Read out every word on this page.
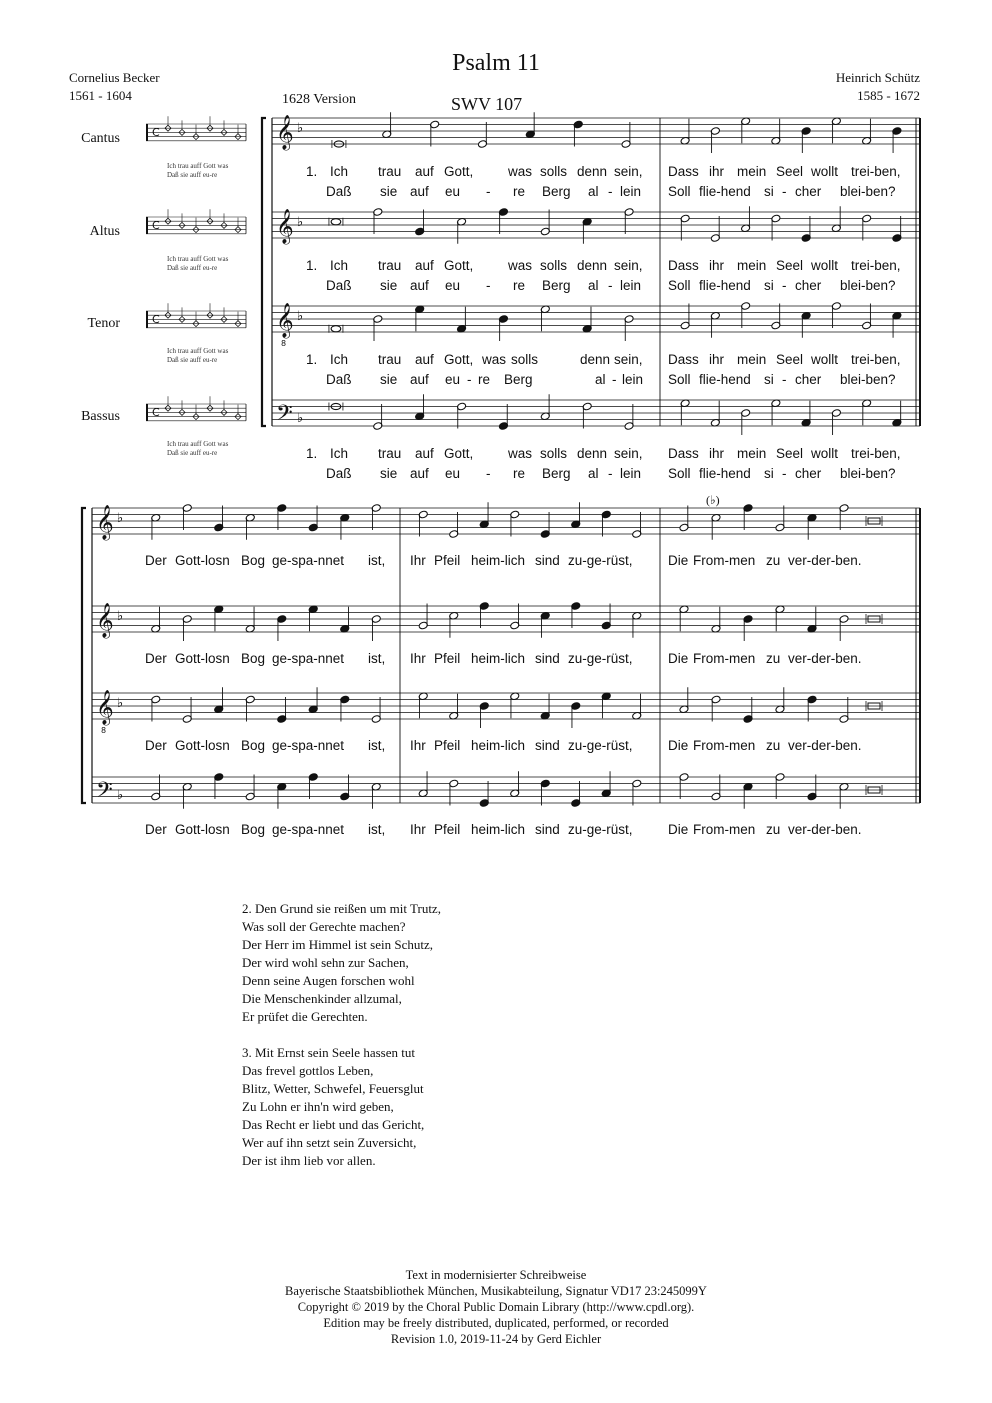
𝄞 ♭
𝄞 ♭
𝄞 ♭
8
𝄢 ♭
C
C
C
C
𝄞 ♭
𝄞 ♭
𝄞 ♭
8
𝄢 ♭
Psalm 11
SWV 107
1628 Version
Cornelius Becker
1561 - 1604
Heinrich Schütz
1585 - 1672
Cantus
Altus
Tenor
Bassus
Ich trau auff Gott was
Daß sie auff eu-re
Ich trau auff Gott was
Daß sie auff eu-re
Ich trau auff Gott was
Daß sie auff eu-re
Ich trau auff Gott was
Daß sie auff eu-re
1. Ich trau auf Gott,	was solls denn sein, Dass ihr mein Seel wollt trei-ben,
1. Ich trau auf Gott,	was solls denn sein, Dass ihr mein Seel wollt trei-ben,
1. Ich trau auf Gott, was solls	denn sein, Dass ihr mein Seel wollt trei-ben,
1. Ich trau auf Gott,	was solls denn sein, Dass ihr mein Seel wollt trei-ben,
Daß sie auf eu - re Berg al - lein Soll flie-hend si - cher blei-ben?
Daß sie auf eu - re Berg al - lein Soll flie-hend si - cher blei-ben?
Daß sie auf eu - re Berg	al - lein Soll flie-hend si - cher blei-ben?
Daß sie auf eu - re Berg al - lein Soll flie-hend si - cher blei-ben?
Der Gott-losn Bog ge-spa-nnet ist, Ihr Pfeil heim-lich sind zu-ge-rüst,	Die From-men zu ver-der-ben.
Der Gott-losn Bog ge-spa-nnet ist, Ihr Pfeil heim-lich sind zu-ge-rüst,	Die From-men zu ver-der-ben.
Der Gott-losn Bog ge-spa-nnet ist, Ihr Pfeil heim-lich sind zu-ge-rüst,	Die From-men zu ver-der-ben.
Der Gott-losn Bog ge-spa-nnet ist, Ihr Pfeil heim-lich sind zu-ge-rüst,	Die From-men zu ver-der-ben.
(♭)
2. Den Grund sie reißen um mit Trutz,
Was soll der Gerechte machen?
Der Herr im Himmel ist sein Schutz,
Der wird wohl sehn zur Sachen,
Denn seine Augen forschen wohl
Die Menschenkinder allzumal,
Er prüfet die Gerechten.
3. Mit Ernst sein Seele hassen tut
Das frevel gottlos Leben,
Blitz, Wetter, Schwefel, Feuersglut
Zu Lohn er ihn'n wird geben,
Das Recht er liebt und das Gericht,
Wer auf ihn setzt sein Zuversicht,
Der ist ihm lieb vor allen.
Text in modernisierter Schreibweise
Bayerische Staatsbibliothek München, Musikabteilung, Signatur VD17 23:245099Y
Copyright © 2019 by the Choral Public Domain Library (http://www.cpdl.org).
Edition may be freely distributed, duplicated, performed, or recorded
Revision 1.0, 2019-11-24 by Gerd Eichler
